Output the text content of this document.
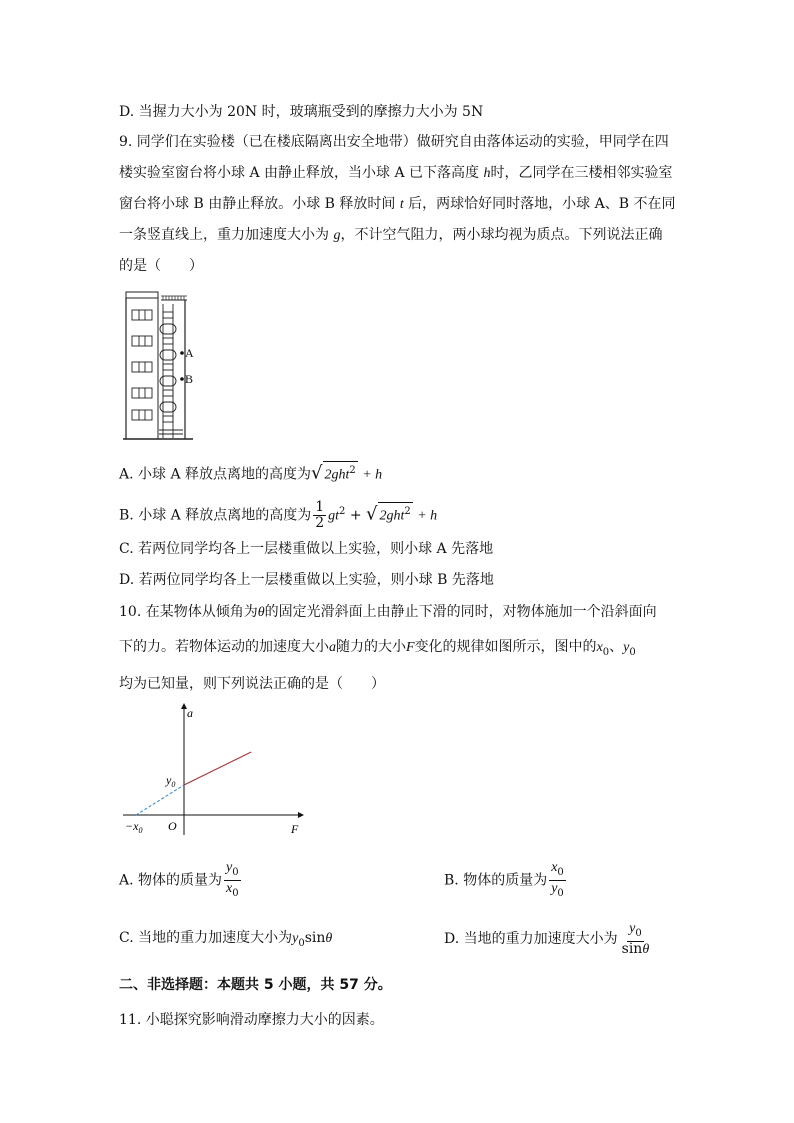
D. 当握力大小为 20N 时，玻璃瓶受到的摩擦力大小为 5N
9. 同学们在实验楼（已在楼底隔离出安全地带）做研究自由落体运动的实验，甲同学在四
楼实验室窗台将小球 A 由静止释放，当小球 A 已下落高度 h时，乙同学在三楼相邻实验室
窗台将小球 B 由静止释放。小球 B 释放时间 t 后，两球恰好同时落地，小球 A、B 不在同
一条竖直线上，重力加速度大小为 g，不计空气阻力，两小球均视为质点。下列说法正确
的是（　　）
A
B
A. 小球 A 释放点离地的高度为√ 2ght$^2$ + h
B. 小球 A 释放点离地的高度为 $\frac{1}{2} gt^2$ + √ 2ght$^2$ + h
C. 若两位同学均各上一层楼重做以上实验，则小球 A 先落地
D. 若两位同学均各上一层楼重做以上实验，则小球 B 先落地
10. 在某物体从倾角为θ的固定光滑斜面上由静止下滑的同时，对物体施加一个沿斜面向
下的力。若物体运动的加速度大小a随力的大小F变化的规律如图所示，图中的$x_0$、$y_0$
均为已知量，则下列说法正确的是（　　）
a
F
O
$y_0$
$-x_0$
A. 物体的质量为 $\frac{y_0}{x_0}$	B. 物体的质量为 $\frac{x_0}{y_0}$
C. 当地的重力加速度大小为$y_0\sin\theta$	D. 当地的重力加速度大小为 $\frac{y_0}{\sin\theta}$
二、非选择题：本题共 5 小题，共 57 分。
11. 小聪探究影响滑动摩擦力大小的因素。
